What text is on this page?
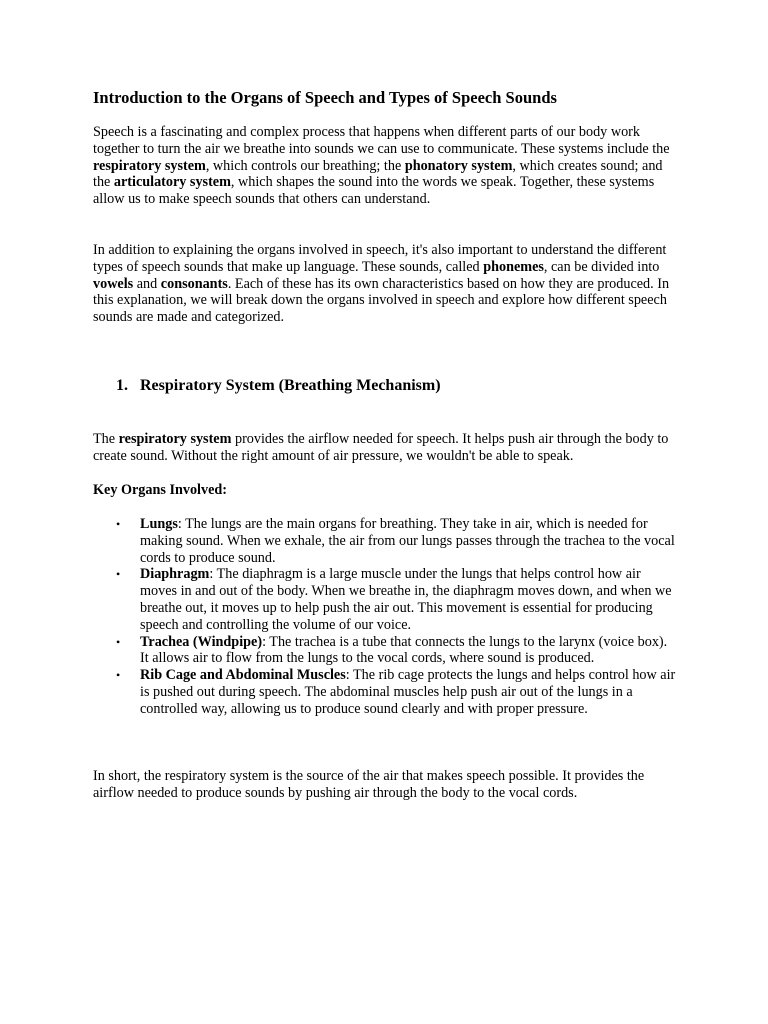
Introduction to the Organs of Speech and Types of Speech Sounds

Speech is a fascinating and complex process that happens when different parts of our body work together to turn the air we breathe into sounds we can use to communicate. These systems include the respiratory system, which controls our breathing; the phonatory system, which creates sound; and the articulatory system, which shapes the sound into the words we speak. Together, these systems allow us to make speech sounds that others can understand.

In addition to explaining the organs involved in speech, it's also important to understand the different types of speech sounds that make up language. These sounds, called phonemes, can be divided into vowels and consonants. Each of these has its own characteristics based on how they are produced. In this explanation, we will break down the organs involved in speech and explore how different speech sounds are made and categorized.

1. Respiratory System (Breathing Mechanism)

The respiratory system provides the airflow needed for speech. It helps push air through the body to create sound. Without the right amount of air pressure, we wouldn't be able to speak.

Key Organs Involved:

• Lungs: The lungs are the main organs for breathing. They take in air, which is needed for making sound. When we exhale, the air from our lungs passes through the trachea to the vocal cords to produce sound.
• Diaphragm: The diaphragm is a large muscle under the lungs that helps control how air moves in and out of the body. When we breathe in, the diaphragm moves down, and when we breathe out, it moves up to help push the air out. This movement is essential for producing speech and controlling the volume of our voice.
• Trachea (Windpipe): The trachea is a tube that connects the lungs to the larynx (voice box). It allows air to flow from the lungs to the vocal cords, where sound is produced.
• Rib Cage and Abdominal Muscles: The rib cage protects the lungs and helps control how air is pushed out during speech. The abdominal muscles help push air out of the lungs in a controlled way, allowing us to produce sound clearly and with proper pressure.

In short, the respiratory system is the source of the air that makes speech possible. It provides the airflow needed to produce sounds by pushing air through the body to the vocal cords.
